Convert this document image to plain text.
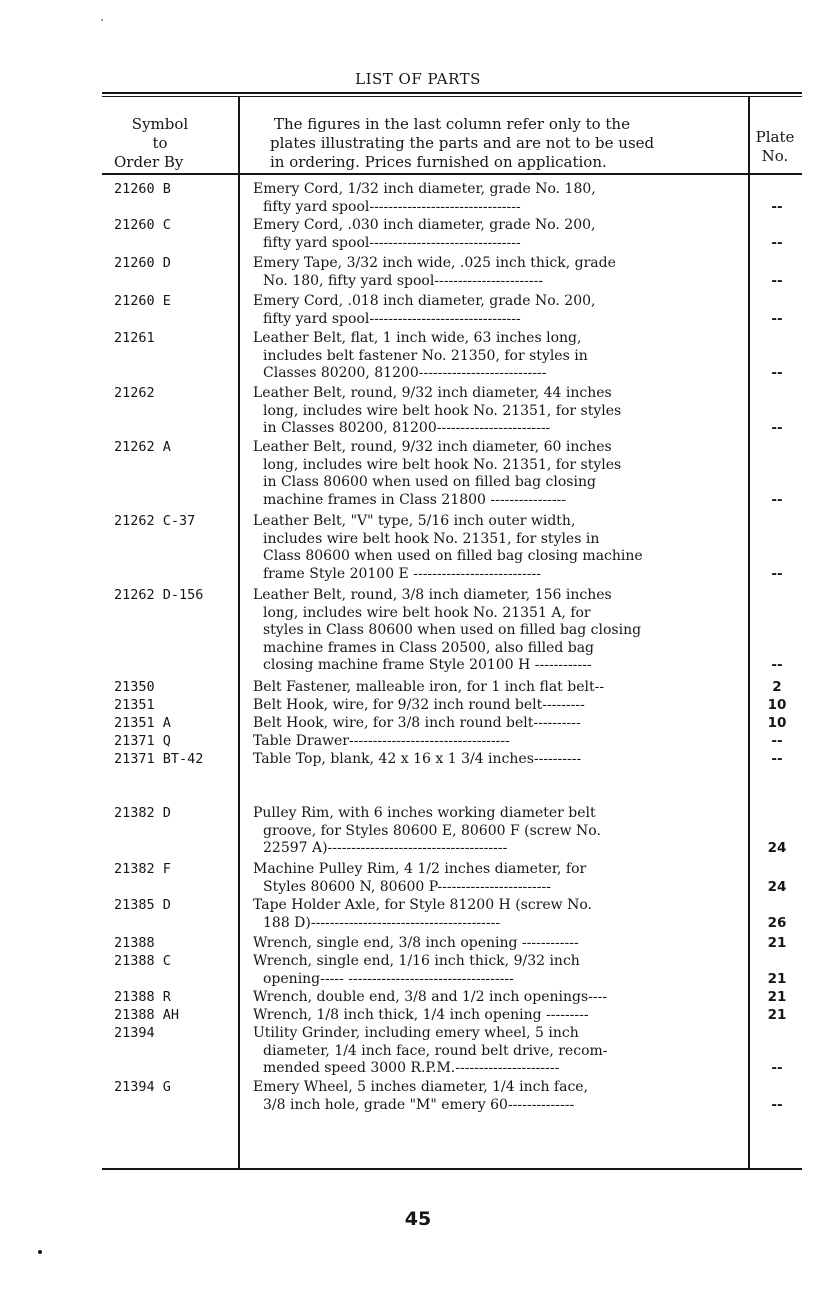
LIST OF PARTS
Symbol
to
Order By
The figures in the last column refer only to the
plates illustrating the parts and are not to be used
in ordering. Prices furnished on application.
Plate
No.
21260 B	Emery Cord, 1/32 inch diameter, grade No. 180,
fifty yard spool--------------------------------	--
21260 C	Emery Cord, .030 inch diameter, grade No. 200,
fifty yard spool--------------------------------	--
21260 D	Emery Tape, 3/32 inch wide, .025 inch thick, grade
No. 180, fifty yard spool-----------------------	--
21260 E	Emery Cord, .018 inch diameter, grade No. 200,
fifty yard spool--------------------------------	--
21261	Leather Belt, flat, 1 inch wide, 63 inches long,
includes belt fastener No. 21350, for styles in
Classes 80200, 81200---------------------------	--
21262	Leather Belt, round, 9/32 inch diameter, 44 inches
long, includes wire belt hook No. 21351, for styles
in Classes 80200, 81200------------------------	--
21262 A	Leather Belt, round, 9/32 inch diameter, 60 inches
long, includes wire belt hook No. 21351, for styles
in Class 80600 when used on filled bag closing
machine frames in Class 21800 ----------------	--
21262 C-37	Leather Belt, "V" type, 5/16 inch outer width,
includes wire belt hook No. 21351, for styles in
Class 80600 when used on filled bag closing machine
frame Style 20100 E ---------------------------	--
21262 D-156	Leather Belt, round, 3/8 inch diameter, 156 inches
long, includes wire belt hook No. 21351 A, for
styles in Class 80600 when used on filled bag closing
machine frames in Class 20500, also filled bag
closing machine frame Style 20100 H ------------	--
21350	Belt Fastener, malleable iron, for 1 inch flat belt--	2
21351	Belt Hook, wire, for 9/32 inch round belt---------	10
21351 A	Belt Hook, wire, for 3/8 inch round belt----------	10
21371 Q	Table Drawer----------------------------------	--
21371 BT-42	Table Top, blank, 42 x 16 x 1 3/4 inches----------	--
21382 D	Pulley Rim, with 6 inches working diameter belt
groove, for Styles 80600 E, 80600 F (screw No.
22597 A)--------------------------------------	24
21382 F	Machine Pulley Rim, 4 1/2 inches diameter, for
Styles 80600 N, 80600 P------------------------	24
21385 D	Tape Holder Axle, for Style 81200 H (screw No.
188 D)----------------------------------------	26
21388	Wrench, single end, 3/8 inch opening ------------	21
21388 C	Wrench, single end, 1/16 inch thick, 9/32 inch
opening----- -----------------------------------	21
21388 R	Wrench, double end, 3/8 and 1/2 inch openings----	21
21388 AH	Wrench, 1/8 inch thick, 1/4 inch opening ---------	21
21394	Utility Grinder, including emery wheel, 5 inch
diameter, 1/4 inch face, round belt drive, recom-
mended speed 3000 R.P.M.----------------------	--
21394 G	Emery Wheel, 5 inches diameter, 1/4 inch face,
3/8 inch hole, grade "M" emery 60--------------	--
45
